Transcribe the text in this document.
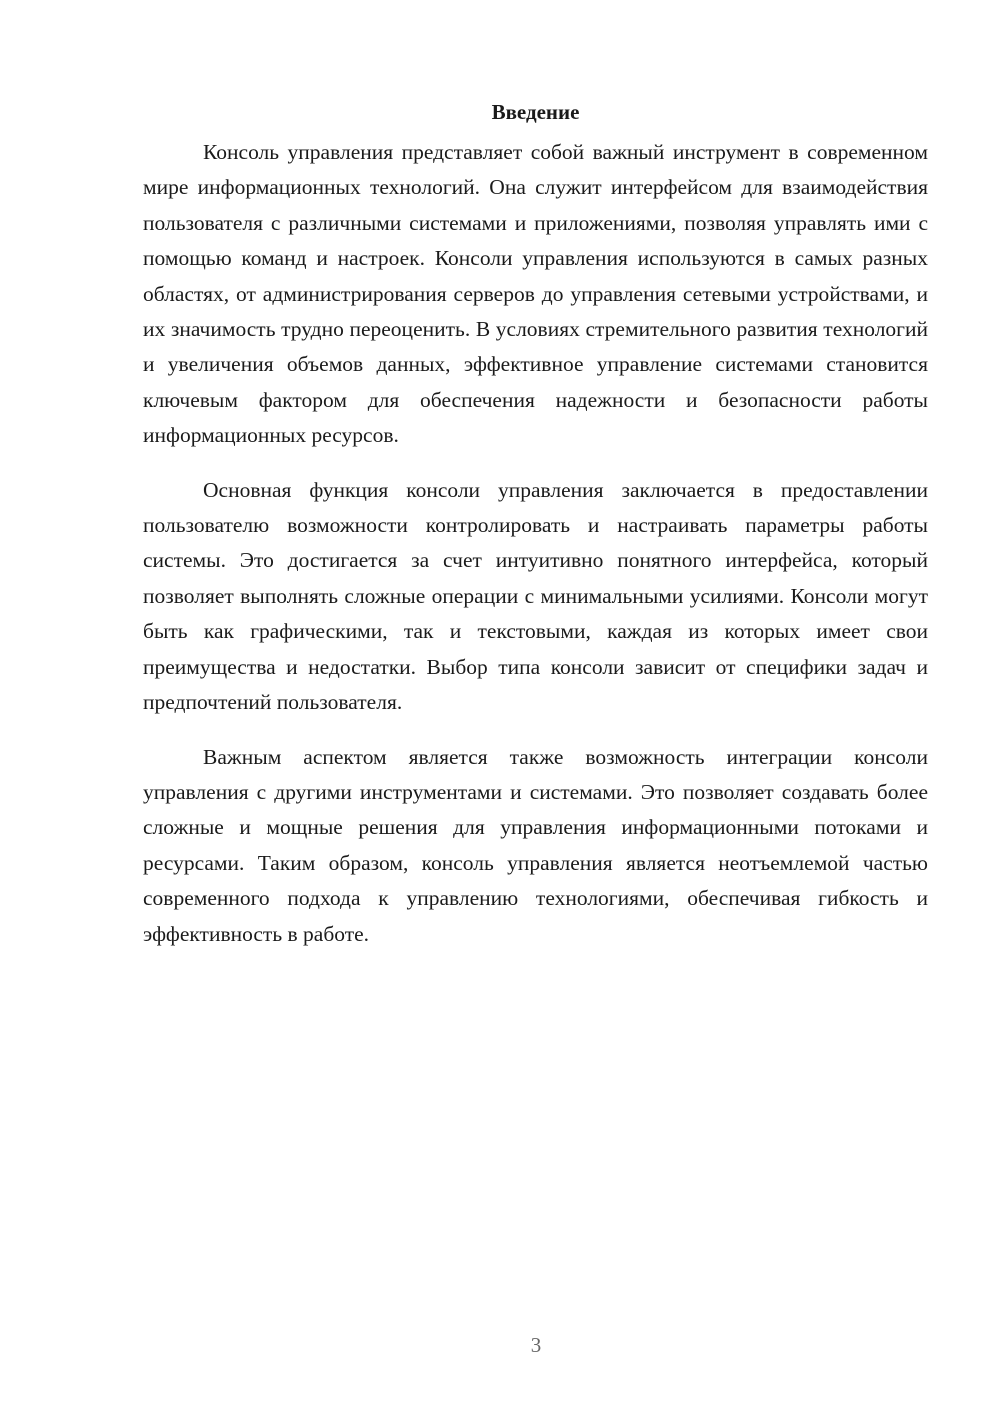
Введение

Консоль управления представляет собой важный инструмент в современном мире информационных технологий. Она служит интерфейсом для взаимодействия пользователя с различными системами и приложениями, позволяя управлять ими с помощью команд и настроек. Консоли управления используются в самых разных областях, от администрирования серверов до управления сетевыми устройствами, и их значимость трудно переоценить. В условиях стремительного развития технологий и увеличения объемов данных, эффективное управление системами становится ключевым фактором для обеспечения надежности и безопасности работы информационных ресурсов.

Основная функция консоли управления заключается в предоставлении пользователю возможности контролировать и настраивать параметры работы системы. Это достигается за счет интуитивно понятного интерфейса, который позволяет выполнять сложные операции с минимальными усилиями. Консоли могут быть как графическими, так и текстовыми, каждая из которых имеет свои преимущества и недостатки. Выбор типа консоли зависит от специфики задач и предпочтений пользователя.

Важным аспектом является также возможность интеграции консоли управления с другими инструментами и системами. Это позволяет создавать более сложные и мощные решения для управления информационными потоками и ресурсами. Таким образом, консоль управления является неотъемлемой частью современного подхода к управлению технологиями, обеспечивая гибкость и эффективность в работе.

3
